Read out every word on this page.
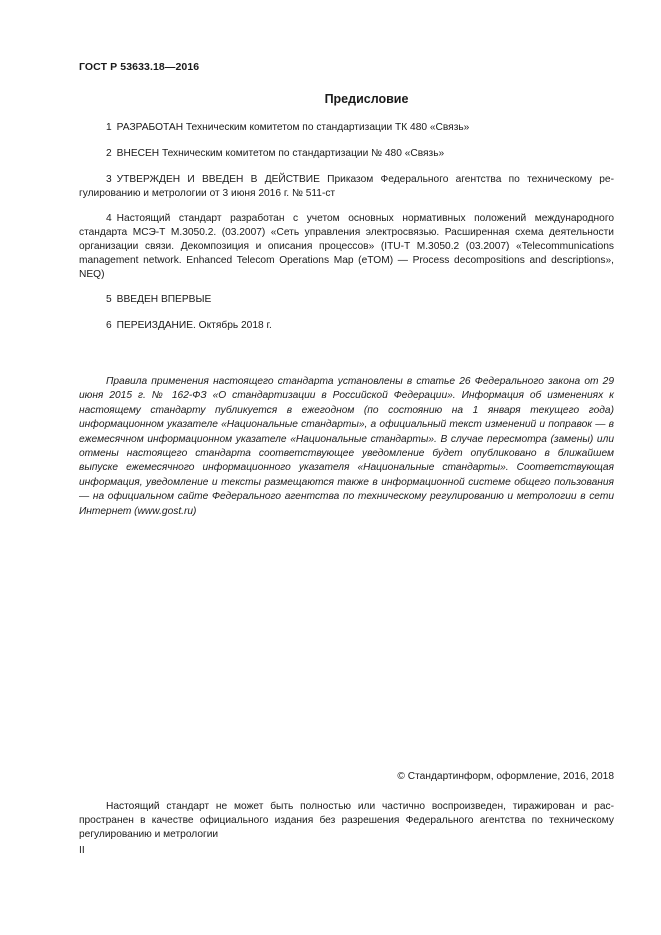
ГОСТ Р 53633.18—2016
Предисловие

1 РАЗРАБОТАН Техническим комитетом по стандартизации ТК 480 «Связь»

2 ВНЕСЕН Техническим комитетом по стандартизации № 480 «Связь»

3 УТВЕРЖДЕН И ВВЕДЕН В ДЕЙСТВИЕ Приказом Федерального агентства по техническому регулированию и метрологии от 3 июня 2016 г. № 511-ст

4 Настоящий стандарт разработан с учетом основных нормативных положений международного стандарта МСЭ-Т М.3050.2. (03.2007) «Сеть управления электросвязью. Расширенная схема деятельности организации связи. Декомпозиция и описания процессов» (ITU-T M.3050.2 (03.2007) «Telecommunications management network. Enhanced Telecom Operations Map (eTOM) — Process decompositions and descriptions», NEQ)

5 ВВЕДЕН ВПЕРВЫЕ

6 ПЕРЕИЗДАНИЕ. Октябрь 2018 г.

Правила применения настоящего стандарта установлены в статье 26 Федерального закона от 29 июня 2015 г. № 162-ФЗ «О стандартизации в Российской Федерации». Информация об изменениях к настоящему стандарту публикуется в ежегодном (по состоянию на 1 января текущего года) информационном указателе «Национальные стандарты», а официальный текст изменений и поправок — в ежемесячном информационном указателе «Национальные стандарты». В случае пересмотра (замены) или отмены настоящего стандарта соответствующее уведомление будет опубликовано в ближайшем выпуске ежемесячного информационного указателя «Национальные стандарты». Соответствующая информация, уведомление и тексты размещаются также в информационной системе общего пользования — на официальном сайте Федерального агентства по техническому регулированию и метрологии в сети Интернет (www.gost.ru)

© Стандартинформ, оформление, 2016, 2018

Настоящий стандарт не может быть полностью или частично воспроизведен, тиражирован и распространен в качестве официального издания без разрешения Федерального агентства по техническому регулированию и метрологии

II
